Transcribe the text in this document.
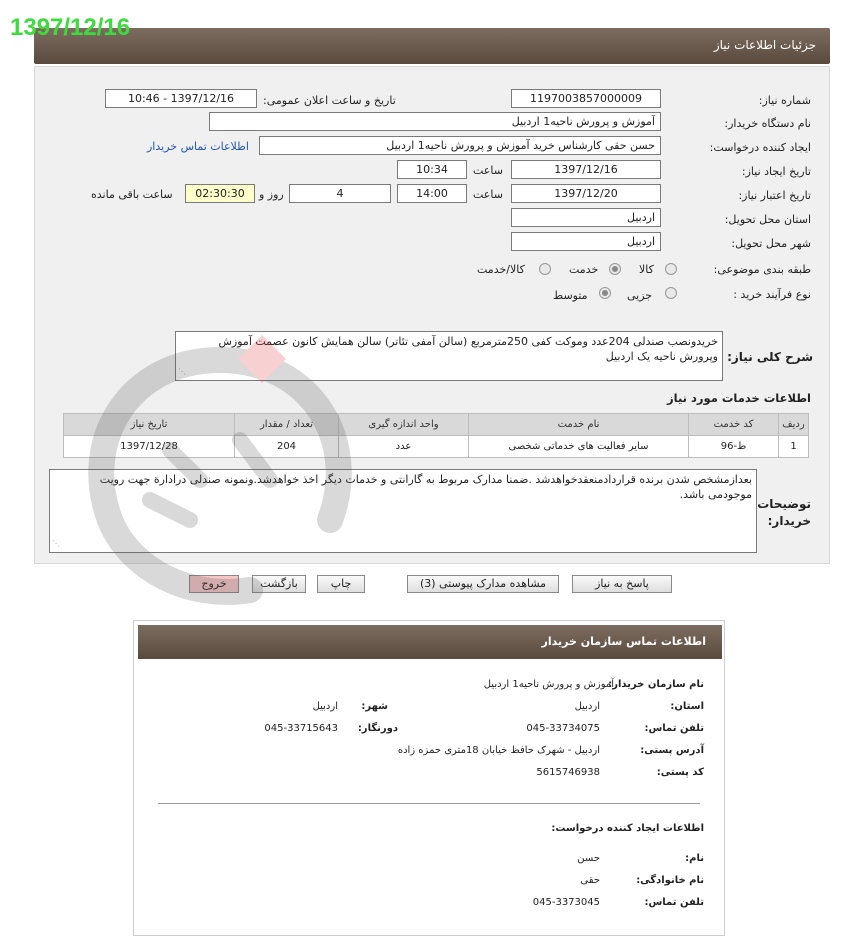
1397/12/16
جزئیات اطلاعات نیاز
شماره نیاز:
1197003857000009
تاریخ و ساعت اعلان عمومی:
1397/12/16 - 10:46
نام دستگاه خریدار:
آموزش و پرورش ناحیه1 اردبیل
ایجاد کننده درخواست:
حسن حقی کارشناس خرید آموزش و پرورش ناحیه1 اردبیل
اطلاعات تماس خریدار
تاریخ ایجاد نیاز:
1397/12/16
ساعت
10:34
تاریخ اعتبار نیاز:
1397/12/20
ساعت
14:00
4
روز و
02:30:30
ساعت باقی مانده
استان محل تحویل:
اردبیل
شهر محل تحویل:
اردبیل
طبقه بندی موضوعی:
کالا
خدمت
کالا/خدمت
نوع فرآیند خرید :
جزیی
متوسط
شرح کلی نیاز:
خریدونصب صندلی 204عدد وموکت کفی 250مترمربع (سالن آمفی تئاتر) سالن همایش کانون عصمت آموزش وپرورش ناحیه یک اردبیل
⋰
اطلاعات خدمات مورد نیاز
ردیف	کد خدمت	نام خدمت	واحد اندازه گیری	تعداد / مقدار	تاریخ نیاز
1	ط-96	سایر فعالیت های خدماتی شخصی	عدد	204	1397/12/28
توضیحات
خریدار:
بعدازمشخص شدن برنده قراردادمنعقدخواهدشد .ضمنا مدارک مربوط به گارانتی و خدمات دیگر اخذ خواهدشد.ونمونه صندلی درادارة جهت رویت موجودمی باشد.
⋰
پاسخ به نیاز
مشاهده مدارک پیوستی (3)
چاپ
بازگشت
خروج
اطلاعات تماس سازمان خریدار
نام سازمان خریدار:
آموزش و پرورش ناحیه1 اردبیل
استان:
اردبیل
شهر:
اردبیل
تلفن تماس:
045-33734075
دورنگار:
045-33715643
آدرس پستی:
اردبیل - شهرک حافظ خیابان 18متری حمزه زاده
کد پستی:
5615746938
اطلاعات ایجاد کننده درخواست:
نام:
حسن
نام خانوادگی:
حقی
تلفن تماس:
045-3373045
